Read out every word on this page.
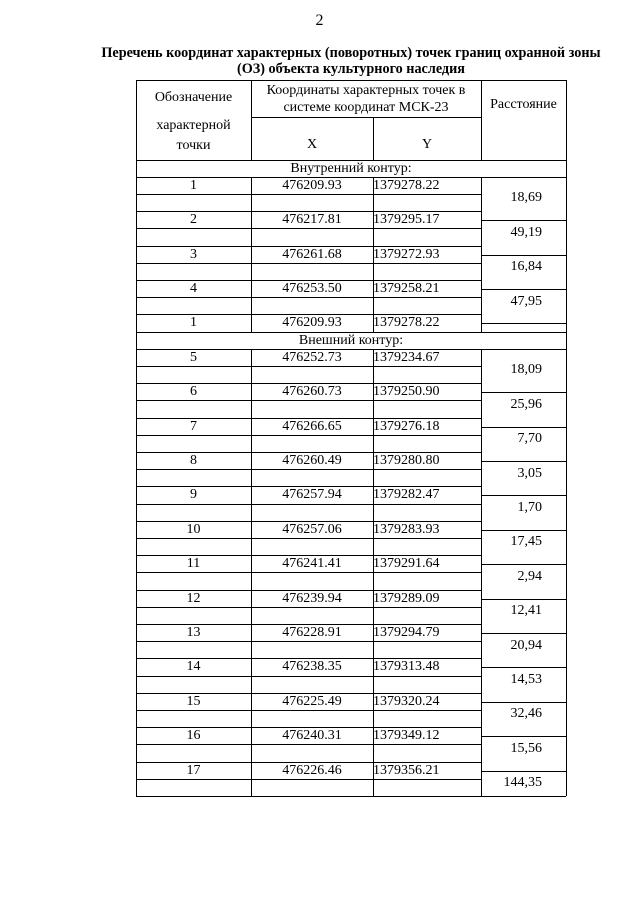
2
Перечень координат характерных (поворотных) точек границ охранной зоны (ОЗ) объекта культурного наследия
Обозначение
характерной
точки
Координаты характерных точек в
системе координат МСК-23
X	Y
Расстояние
Внутренний контур:
1	476209.93	1379278.22
18,69
2	476217.81	1379295.17
49,19
3	476261.68	1379272.93
16,84
4	476253.50	1379258.21
47,95
1	476209.93	1379278.22
Внешний контур:
5	476252.73	1379234.67
18,09
6	476260.73	1379250.90
25,96
7	476266.65	1379276.18
7,70
8	476260.49	1379280.80
3,05
9	476257.94	1379282.47
1,70
10	476257.06	1379283.93
17,45
11	476241.41	1379291.64
2,94
12	476239.94	1379289.09
12,41
13	476228.91	1379294.79
20,94
14	476238.35	1379313.48
14,53
15	476225.49	1379320.24
32,46
16	476240.31	1379349.12
15,56
17	476226.46	1379356.21
144,35
